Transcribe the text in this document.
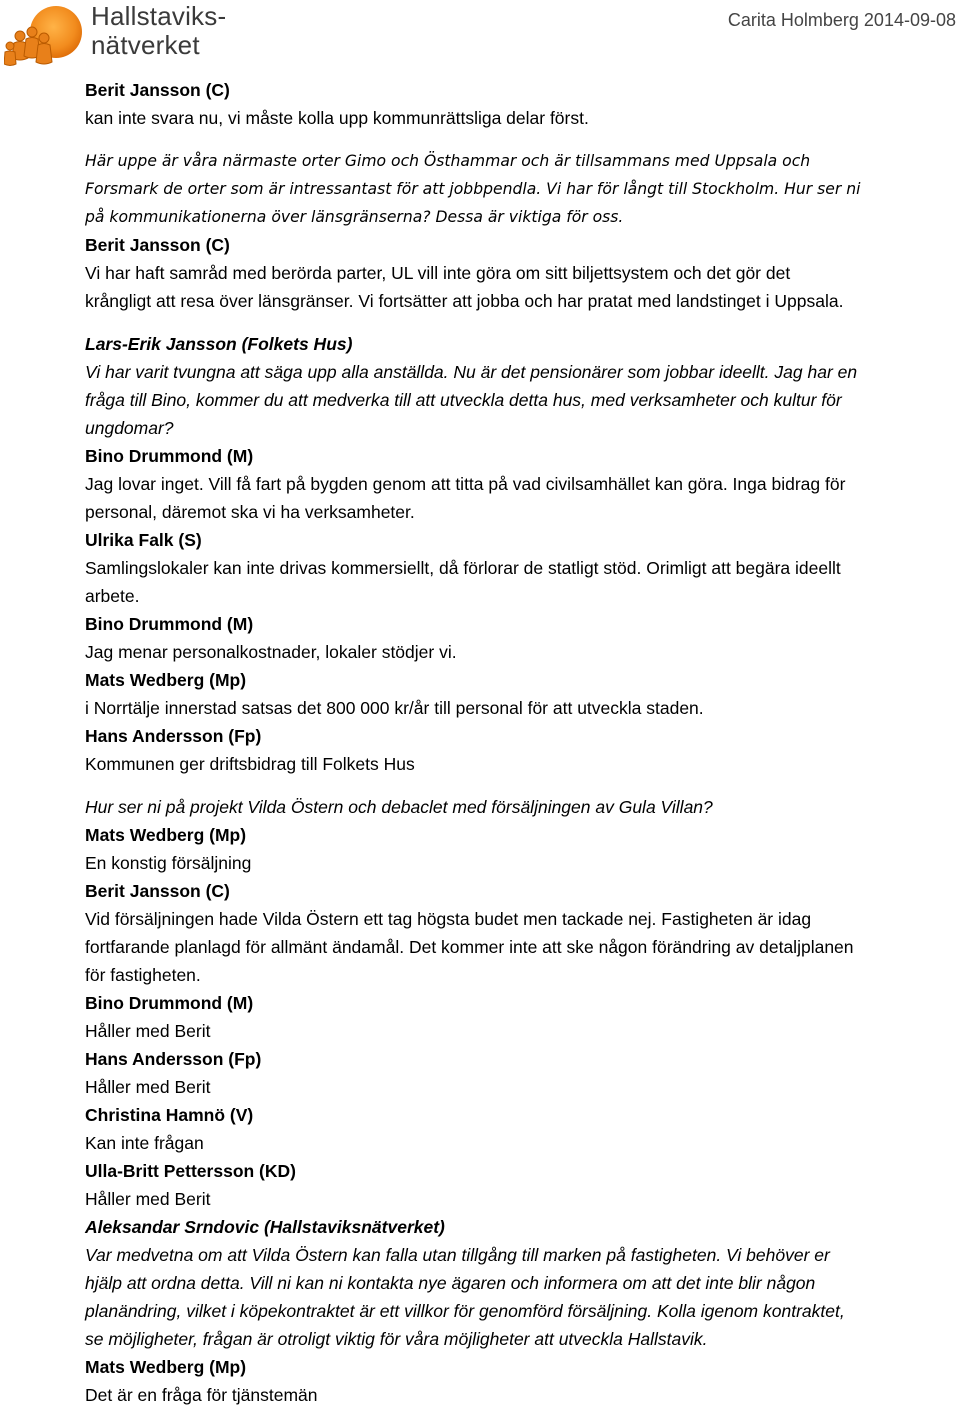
Hallstaviks-
nätverket
Carita Holmberg 2014-09-08
Berit Jansson (C)
kan inte svara nu, vi måste kolla upp kommunrättsliga delar först.
Här uppe är våra närmaste orter Gimo och Östhammar och är tillsammans med Uppsala och
Forsmark de orter som är intressantast för att jobbpendla. Vi har för långt till Stockholm. Hur ser ni
på kommunikationerna över länsgränserna? Dessa är viktiga för oss.
Berit Jansson (C)
Vi har haft samråd med berörda parter, UL vill inte göra om sitt biljettsystem och det gör det
krångligt att resa över länsgränser. Vi fortsätter att jobba och har pratat med landstinget i Uppsala.
Lars-Erik Jansson (Folkets Hus)
Vi har varit tvungna att säga upp alla anställda. Nu är det pensionärer som jobbar ideellt. Jag har en
fråga till Bino, kommer du att medverka till att utveckla detta hus, med verksamheter och kultur för
ungdomar?
Bino Drummond (M)
Jag lovar inget. Vill få fart på bygden genom att titta på vad civilsamhället kan göra. Inga bidrag för
personal, däremot ska vi ha verksamheter.
Ulrika Falk (S)
Samlingslokaler kan inte drivas kommersiellt, då förlorar de statligt stöd. Orimligt att begära ideellt
arbete.
Bino Drummond (M)
Jag menar personalkostnader, lokaler stödjer vi.
Mats Wedberg (Mp)
i Norrtälje innerstad satsas det 800 000 kr/år till personal för att utveckla staden.
Hans Andersson (Fp)
Kommunen ger driftsbidrag till Folkets Hus
Hur ser ni på projekt Vilda Östern och debaclet med försäljningen av Gula Villan?
Mats Wedberg (Mp)
En konstig försäljning
Berit Jansson (C)
Vid försäljningen hade Vilda Östern ett tag högsta budet men tackade nej. Fastigheten är idag
fortfarande planlagd för allmänt ändamål. Det kommer inte att ske någon förändring av detaljplanen
för fastigheten.
Bino Drummond (M)
Håller med Berit
Hans Andersson (Fp)
Håller med Berit
Christina Hamnö (V)
Kan inte frågan
Ulla-Britt Pettersson (KD)
Håller med Berit
Aleksandar Srndovic (Hallstaviksnätverket)
Var medvetna om att Vilda Östern kan falla utan tillgång till marken på fastigheten. Vi behöver er
hjälp att ordna detta. Vill ni kan ni kontakta nye ägaren och informera om att det inte blir någon
planändring, vilket i köpekontraktet är ett villkor för genomförd försäljning. Kolla igenom kontraktet,
se möjligheter, frågan är otroligt viktig för våra möjligheter att utveckla Hallstavik.
Mats Wedberg (Mp)
Det är en fråga för tjänstemän
